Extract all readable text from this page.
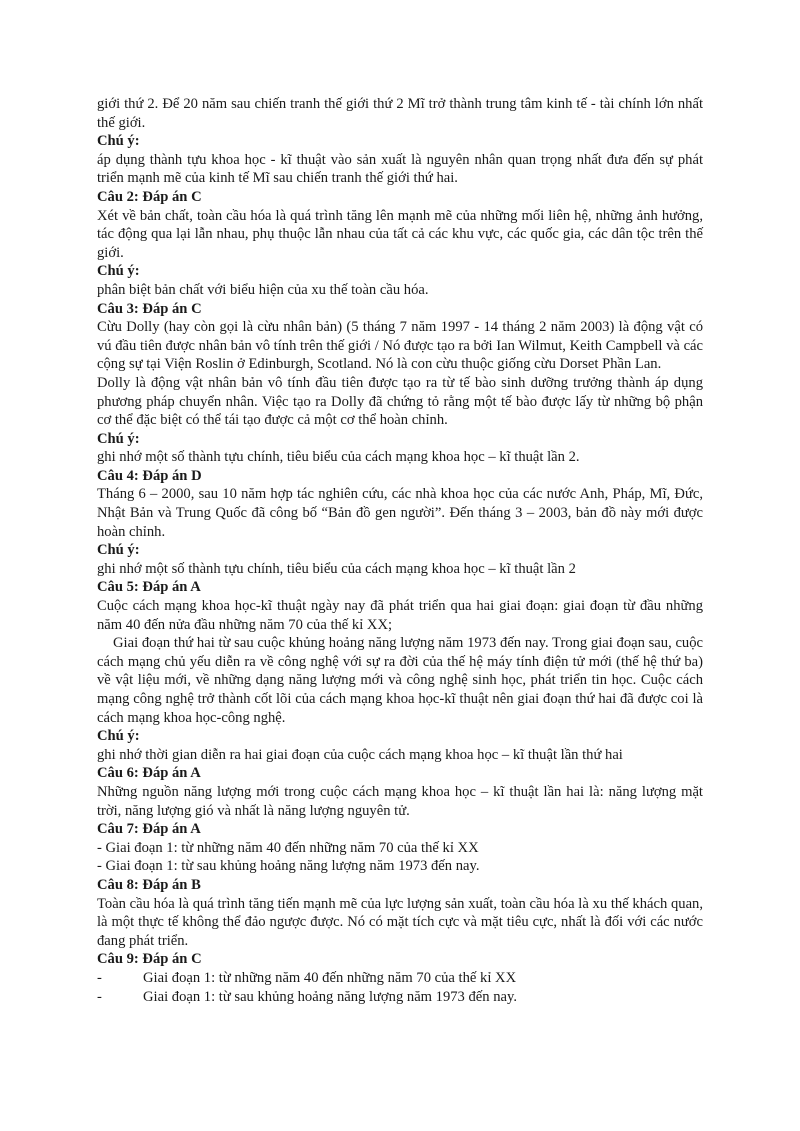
giới thứ 2. Để 20 năm sau chiến tranh thế giới thứ 2 Mĩ trở thành trung tâm kinh tế - tài chính lớn nhất thế giới.

Chú ý:

áp dụng thành tựu khoa học - kĩ thuật vào sản xuất là nguyên nhân quan trọng nhất đưa đến sự phát triển mạnh mẽ của kinh tế Mĩ sau chiến tranh thế giới thứ hai.

Câu 2: Đáp án C

Xét về bản chất, toàn cầu hóa là quá trình tăng lên mạnh mẽ của những mối liên hệ, những ảnh hưởng, tác động qua lại lẫn nhau, phụ thuộc lẫn nhau của tất cả các khu vực, các quốc gia, các dân tộc trên thế giới.

Chú ý:

phân biệt bản chất với biểu hiện của xu thế toàn cầu hóa.

Câu 3: Đáp án C

Cừu Dolly (hay còn gọi là cừu nhân bản) (5 tháng 7 năm 1997 - 14 tháng 2 năm 2003) là động vật có vú đầu tiên được nhân bản vô tính trên thế giới / Nó được tạo ra bởi Ian Wilmut, Keith Campbell và các cộng sự tại Viện Roslin ở Edinburgh, Scotland. Nó là con cừu thuộc giống cừu Dorset Phần Lan.

Dolly là động vật nhân bản vô tính đầu tiên được tạo ra từ tế bào sinh dưỡng trưởng thành áp dụng phương pháp chuyển nhân. Việc tạo ra Dolly đã chứng tỏ rằng một tế bào được lấy từ những bộ phận cơ thể đặc biệt có thể tái tạo được cả một cơ thể hoàn chỉnh.

Chú ý:

ghi nhớ một số thành tựu chính, tiêu biểu của cách mạng khoa học – kĩ thuật lần 2.

Câu 4: Đáp án D

Tháng 6 – 2000, sau 10 năm hợp tác nghiên cứu, các nhà khoa học của các nước Anh, Pháp, Mĩ, Đức, Nhật Bản và Trung Quốc đã công bố “Bản đồ gen người”. Đến tháng 3 – 2003, bản đồ này mới được hoàn chỉnh.

Chú ý:

ghi nhớ một số thành tựu chính, tiêu biểu của cách mạng khoa học – kĩ thuật lần 2

Câu 5: Đáp án A

Cuộc cách mạng khoa học-kĩ thuật ngày nay đã phát triển qua hai giai đoạn: giai đoạn từ đầu những năm 40 đến nửa đầu những năm 70 của thế kỉ XX;

Giai đoạn thứ hai từ sau cuộc khủng hoảng năng lượng năm 1973 đến nay. Trong giai đoạn sau, cuộc cách mạng chủ yếu diễn ra về công nghệ với sự ra đời của thế hệ máy tính điện tử mới (thế hệ thứ ba) về vật liệu mới, về những dạng năng lượng mới và công nghệ sinh học, phát triển tin học. Cuộc cách mạng công nghệ trở thành cốt lõi của cách mạng khoa học-kĩ thuật nên giai đoạn thứ hai đã được coi là cách mạng khoa học-công nghệ.

Chú ý:

ghi nhớ thời gian diễn ra hai giai đoạn của cuộc cách mạng khoa học – kĩ thuật lần thứ hai

Câu 6: Đáp án A

Những nguồn năng lượng mới trong cuộc cách mạng khoa học – kĩ thuật lần hai là: năng lượng mặt trời, năng lượng gió và nhất là năng lượng nguyên tử.

Câu 7: Đáp án A

- Giai đoạn 1: từ những năm 40 đến những năm 70 của thế kỉ XX

- Giai đoạn 1: từ sau khủng hoảng năng lượng năm 1973 đến nay.

Câu 8: Đáp án B

Toàn cầu hóa là quá trình tăng tiến mạnh mẽ của lực lượng sản xuất, toàn cầu hóa là xu thế khách quan, là một thực tế không thể đảo ngược được. Nó có mặt tích cực và mặt tiêu cực, nhất là đối với các nước đang phát triển.

Câu 9: Đáp án C

-	Giai đoạn 1: từ những năm 40 đến những năm 70 của thế kỉ XX
-	Giai đoạn 1: từ sau khủng hoảng năng lượng năm 1973 đến nay.
